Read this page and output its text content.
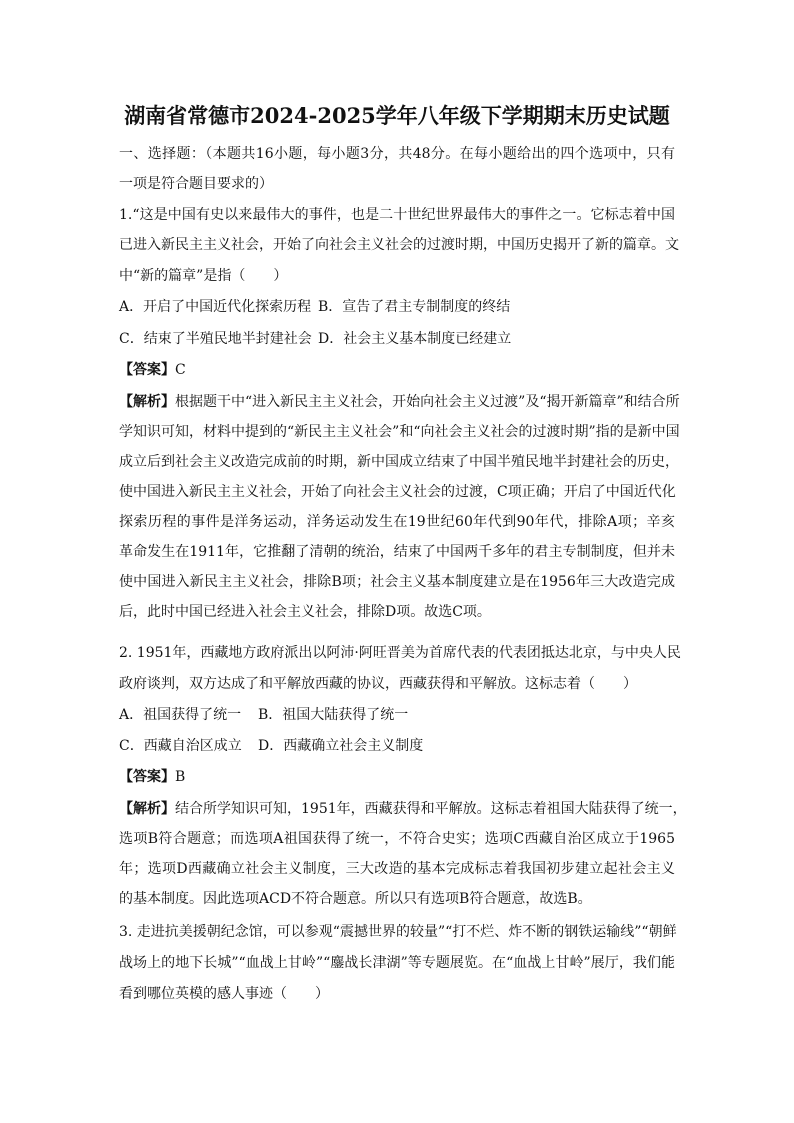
湖南省常德市2024-2025学年八年级下学期期末历史试题
一、选择题：（本题共16小题，每小题3分，共48分。在每小题给出的四个选项中，只有
一项是符合题目要求的）
1.“这是中国有史以来最伟大的事件，也是二十世纪世界最伟大的事件之一。它标志着中国
已进入新民主主义社会，开始了向社会主义社会的过渡时期，中国历史揭开了新的篇章。文
中“新的篇章”是指（　　）
A．开启了中国近代化探索历程 B．宣告了君主专制制度的终结
C．结束了半殖民地半封建社会 D．社会主义基本制度已经建立
【答案】C
【解析】根据题干中“进入新民主主义社会，开始向社会主义过渡”及“揭开新篇章”和结合所
学知识可知，材料中提到的“新民主主义社会”和“向社会主义社会的过渡时期”指的是新中国
成立后到社会主义改造完成前的时期，新中国成立结束了中国半殖民地半封建社会的历史，
使中国进入新民主主义社会，开始了向社会主义社会的过渡，C项正确；开启了中国近代化
探索历程的事件是洋务运动，洋务运动发生在19世纪60年代到90年代，排除A项；辛亥
革命发生在1911年，它推翻了清朝的统治，结束了中国两千多年的君主专制制度，但并未
使中国进入新民主主义社会，排除B项；社会主义基本制度建立是在1956年三大改造完成
后，此时中国已经进入社会主义社会，排除D项。故选C项。
2. 1951年，西藏地方政府派出以阿沛·阿旺晋美为首席代表的代表团抵达北京，与中央人民
政府谈判，双方达成了和平解放西藏的协议，西藏获得和平解放。这标志着（　　）
A．祖国获得了统一 B．祖国大陆获得了统一
C．西藏自治区成立 D．西藏确立社会主义制度
【答案】B
【解析】结合所学知识可知，1951年，西藏获得和平解放。这标志着祖国大陆获得了统一，
选项B符合题意；而选项A祖国获得了统一，不符合史实；选项C西藏自治区成立于1965
年；选项D西藏确立社会主义制度，三大改造的基本完成标志着我国初步建立起社会主义
的基本制度。因此选项ACD不符合题意。所以只有选项B符合题意，故选B。
3. 走进抗美援朝纪念馆，可以参观“震撼世界的较量”“打不烂、炸不断的钢铁运输线”“朝鲜
战场上的地下长城”“血战上甘岭”“鏖战长津湖”等专题展览。在“血战上甘岭”展厅，我们能
看到哪位英模的感人事迹（　　）
